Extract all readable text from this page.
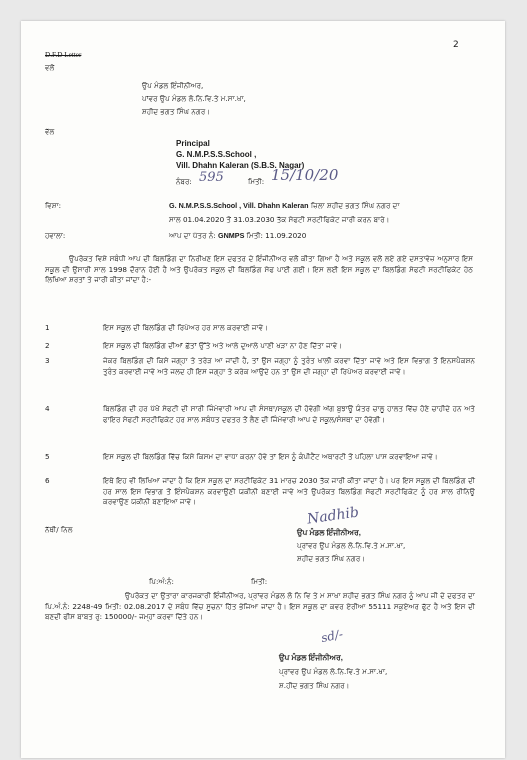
2
D.F.D Letter
ਵਲੋਂ
ਉਪ ਮੰਡਲ ਇੰਜੀਨੀਅਰ,
ਪਾਂਵਰ ਉਪ ਮੰਡਲ ਲੋ.ਨਿ.ਵਿ.ਤੇ ਮ.ਸਾ.ਖਾ,
ਸ਼ਹੀਦ ਭਗਤ ਸਿੰਘ ਨਗਰ।
ਵੱਲ
Principal
G. N.M.P.S.S.School ,
Vill. Dhahn Kaleran (S.B.S. Nagar)
ਨੰਬਰ: 595	ਮਿਤੀ: 15/10/20
ਵਿਸ਼ਾ:	G. N.M.P.S.S.School , Vill. Dhahn Kaleran ਜ਼ਿਲਾ ਸ਼ਹੀਦ ਭਗਤ ਸਿੰਘ ਨਗਰ ਦਾ
ਸਾਲ 01.04.2020 ਤੋਂ 31.03.2030 ਤੱਕ ਸੇਫਟੀ ਸਰਟੀਫਿਕੇਟ ਜਾਰੀ ਕਰਨ ਬਾਰੇ।
ਹਵਾਲਾ:	ਆਪ ਦਾ ਪੱਤਰ ਨੰ: GNMPS ਮਿਤੀ: 11.09.2020
ਉਪਰੋਕਤ ਵਿਸ਼ੇ ਸਬੰਧੀ ਆਪ ਦੀ ਬਿਲਡਿੰਗ ਦਾ ਨਿਰੀਖਣ ਇਸ ਦਫਤਰ ਦੇ ਇੰਜੀਨੀਅਰ ਵਲੋਂ ਕੀਤਾ ਗਿਆ ਹੈ ਅਤੇ ਸਕੂਲ ਵਲੋਂ ਲਏ ਗਏ ਦਸਤਾਵੇਜ਼ ਅਨੁਸਾਰ ਇਸ ਸਕੂਲ ਦੀ ਉਸਾਰੀ ਸਾਲ 1998 ਦੌਰਾਨ ਹੋਈ ਹੈ ਅਤੇ ਉਪਰੋਕਤ ਸਕੂਲ ਦੀ ਬਿਲਡਿੰਗ ਸੇਫ ਪਾਈ ਗਈ। ਇਸ ਲਈ ਇਸ ਸਕੂਲ ਦਾ ਬਿਲਡਿੰਗ ਸੇਫਟੀ ਸਰਟੀਫਿਕੇਟ ਹੇਠ ਲਿਖਿਆ ਸ਼ਰਤਾਂ ਤੇ ਜਾਰੀ ਕੀਤਾ ਜਾਂਦਾ ਹੈ:-
1	ਇਸ ਸਕੂਲ ਦੀ ਬਿਲਡਿੰਗ ਦੀ ਰਿਪੇਅਰ ਹਰ ਸਾਲ ਕਰਵਾਈ ਜਾਵੇ।
2	ਇਸ ਸਕੂਲ ਦੀ ਬਿਲਡਿੰਗ ਦੀਆਂ ਛੱਤਾਂ ਉੱਤੇ ਅਤੇ ਆਲੇ ਦੁਆਲੇ ਪਾਣੀ ਖੜਾ ਨਾ ਹੋਣ ਦਿੱਤਾ ਜਾਵੇ।
3	ਜੇਕਰ ਬਿਲਡਿੰਗ ਦੀ ਕਿਸੇ ਜਗ੍ਹਾ ਤੇ ਤਰੇੜ ਆ ਜਾਂਦੀ ਹੈ, ਤਾਂ ਉਸ ਜਗ੍ਹਾ ਨੂੰ ਤੁਰੰਤ ਖਾਲੀ ਕਰਵਾ ਦਿੱਤਾ ਜਾਵੇ ਅਤੇ ਇਸ ਵਿਭਾਗ ਤੋਂ ਇਨਸਪੈਕਸ਼ਨ ਤੁਰੰਤ ਕਰਵਾਈ ਜਾਵੇ ਅਤੇ ਜਲਦ ਹੀ ਇਸ ਜਗ੍ਹਾ ਤੇ ਕਰੇਕ ਆਉਂਦੇ ਹਨ ਤਾਂ ਉਸ ਦੀ ਜਗ੍ਹਾ ਦੀ ਰਿਪੇਅਰ ਕਰਵਾਈ ਜਾਵੇ।
4	ਬਿਲਡਿੰਗ ਦੀ ਹਰ ਪੱਖੋਂ ਸੇਫਟੀ ਦੀ ਸਾਰੀ ਜਿੰਮੇਵਾਰੀ ਆਪ ਦੀ ਸੰਸਥਾ/ਸਕੂਲ ਦੀ ਹੋਵੇਗੀ ਅੱਗ ਬੁਝਾਊ ਯੰਤਰ ਚਾਲੂ ਹਾਲਤ ਵਿੱਚ ਹੋਣੇ ਚਾਹੀਦੇ ਹਨ ਅਤੇ ਫਾਇਰ ਸੇਫਟੀ ਸਰਟੀਫਿਕੇਟ ਹਰ ਸਾਲ ਸਬੰਧਤ ਦਫਤਰ ਤੋਂ ਲੈਣ ਦੀ ਜਿੰਮੇਵਾਰੀ ਆਪ ਦੇ ਸਕੂਲ/ਸੰਸਥਾ ਦਾ ਹੋਵੇਗੀ।
5	ਇਸ ਸਕੂਲ ਦੀ ਬਿਲਡਿੰਗ ਵਿੱਚ ਕਿਸੇ ਕਿਸਮ ਦਾ ਵਾਧਾ ਕਰਨਾ ਹੋਵੇ ਤਾਂ ਇਸ ਨੂੰ ਕੰਪੀਟੈਂਟ ਅਥਾਰਟੀ ਤੋਂ ਪਹਿਲਾ ਪਾਸ ਕਰਵਾਇਆ ਜਾਵੇ।
6	ਇਥੇ ਇਹ ਵੀ ਲਿਖਿਆ ਜਾਂਦਾ ਹੈ ਕਿ ਇਸ ਸਕੂਲ ਦਾ ਸਰਟੀਫਿਕੇਟ 31 ਮਾਰਚ 2030 ਤੱਕ ਜਾਰੀ ਕੀਤਾ ਜਾਂਦਾ ਹੈ। ਪਰ ਇਸ ਸਕੂਲ ਦੀ ਬਿਲਡਿੰਗ ਦੀ ਹਰ ਸਾਲ ਇਸ ਵਿਭਾਗ ਤੋਂ ਇੰਸਪੈਕਸ਼ਨ ਕਰਵਾਉਣੀ ਯਕੀਨੀ ਬਣਾਈ ਜਾਵੇ ਅਤੇ ਉਪਰੋਕਤ ਬਿਲਡਿੰਗ ਸੇਫਟੀ ਸਰਟੀਫਿਕੇਟ ਨੂੰ ਹਰ ਸਾਲ ਰੀਨਿਊ ਕਰਵਾਉਣ ਯਕੀਨੀ ਬਣਾਇਆ ਜਾਵੇ।
Nadhib
ਉਪ ਮੰਡਲ ਇੰਜੀਨੀਅਰ,
ਪ੍ਰਾਂਵਰ ਉਪ ਮੰਡਲ ਲੋ.ਨਿ.ਵਿ.ਤੇ ਮ.ਸਾ.ਖਾ,
ਸ਼ਹੀਦ ਭਗਤ ਸਿੰਘ ਨਗਰ।
ਨੱਥੀ/ ਨਿਲ
ਪਿ:ਅੰ:ਨੰ:	ਮਿਤੀ:
ਉਪਰੋਕਤ ਦਾ ਉਤਾਰਾ ਕਾਰਜਕਾਰੀ ਇੰਜੀਨੀਅਰ, ਪ੍ਰਾਂਵਰ ਮੰਡਲ ਲੋ ਨਿ ਵਿ ਤੇ ਮ ਸਾਖਾ ਸ਼ਹੀਦ ਭਗਤ ਸਿੰਘ ਨਗਰ ਨੂੰ ਆਪ ਜੀ ਦੇ ਦਫਤਰ ਦਾ ਪਿ.ਅੰ.ਨੰ: 2248-49 ਮਿਤੀ: 02.08.2017 ਦੇ ਸਬੰਧ ਵਿੱਚ ਸੂਚਨਾ ਹਿੱਤ ਭੇਜਿਆ ਜਾਂਦਾ ਹੈ। ਇਸ ਸਕੂਲ ਦਾ ਕਵਰ ਏਰੀਆ 55111 ਸਕੁਏਅਰ ਫੁੱਟ ਹੈ ਅਤੇ ਇਸ ਦੀ ਬਣਦੀ ਫੀਸ ਬਾਬਤ ਰੁ: 150000/- ਜਮ੍ਹਾਂ ਕਰਵਾ ਦਿੱਤੇ ਹਨ।
sd/-
ਉਪ ਮੰਡਲ ਇੰਜੀਨੀਅਰ,
ਪ੍ਰਾਂਵਰ ਉਪ ਮੰਡਲ ਲੋ.ਨਿ.ਵਿ.ਤੇ ਮ.ਸਾ.ਖਾ,
ਸ਼.ਹੀਦ ਭਗਤ ਸਿੰਘ ਨਗਰ।
